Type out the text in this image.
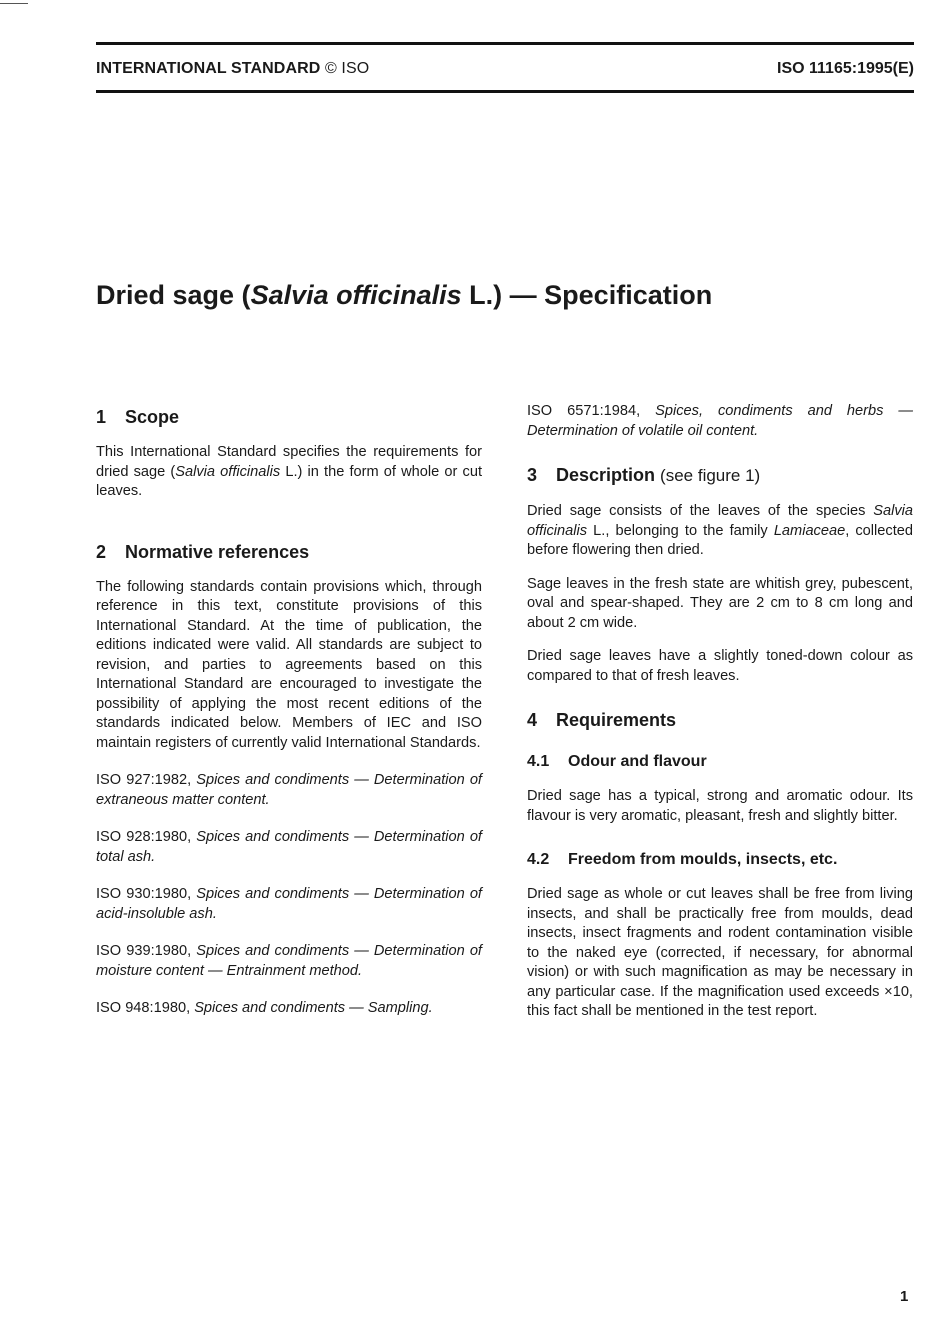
INTERNATIONAL STANDARD © ISO	ISO 11165:1995(E)
Dried sage (Salvia officinalis L.) — Specification
1 Scope

This International Standard specifies the requirements for dried sage (Salvia officinalis L.) in the form of whole or cut leaves.

2 Normative references

The following standards contain provisions which, through reference in this text, constitute provisions of this International Standard. At the time of publication, the editions indicated were valid. All standards are subject to revision, and parties to agreements based on this International Standard are encouraged to investigate the possibility of applying the most recent editions of the standards indicated below. Members of IEC and ISO maintain registers of currently valid International Standards.

ISO 927:1982, Spices and condiments — Determination of extraneous matter content.

ISO 928:1980, Spices and condiments — Determination of total ash.

ISO 930:1980, Spices and condiments — Determination of acid-insoluble ash.

ISO 939:1980, Spices and condiments — Determination of moisture content — Entrainment method.

ISO 948:1980, Spices and condiments — Sampling.

ISO 6571:1984, Spices, condiments and herbs — Determination of volatile oil content.

3 Description (see figure 1)

Dried sage consists of the leaves of the species Salvia officinalis L., belonging to the family Lamiaceae, collected before flowering then dried.

Sage leaves in the fresh state are whitish grey, pubescent, oval and spear-shaped. They are 2 cm to 8 cm long and about 2 cm wide.

Dried sage leaves have a slightly toned-down colour as compared to that of fresh leaves.

4 Requirements
4.1 Odour and flavour

Dried sage has a typical, strong and aromatic odour. Its flavour is very aromatic, pleasant, fresh and slightly bitter.

4.2 Freedom from moulds, insects, etc.

Dried sage as whole or cut leaves shall be free from living insects, and shall be practically free from moulds, dead insects, insect fragments and rodent contamination visible to the naked eye (corrected, if necessary, for abnormal vision) or with such magnification as may be necessary in any particular case. If the magnification used exceeds ×10, this fact shall be mentioned in the test report.

1
